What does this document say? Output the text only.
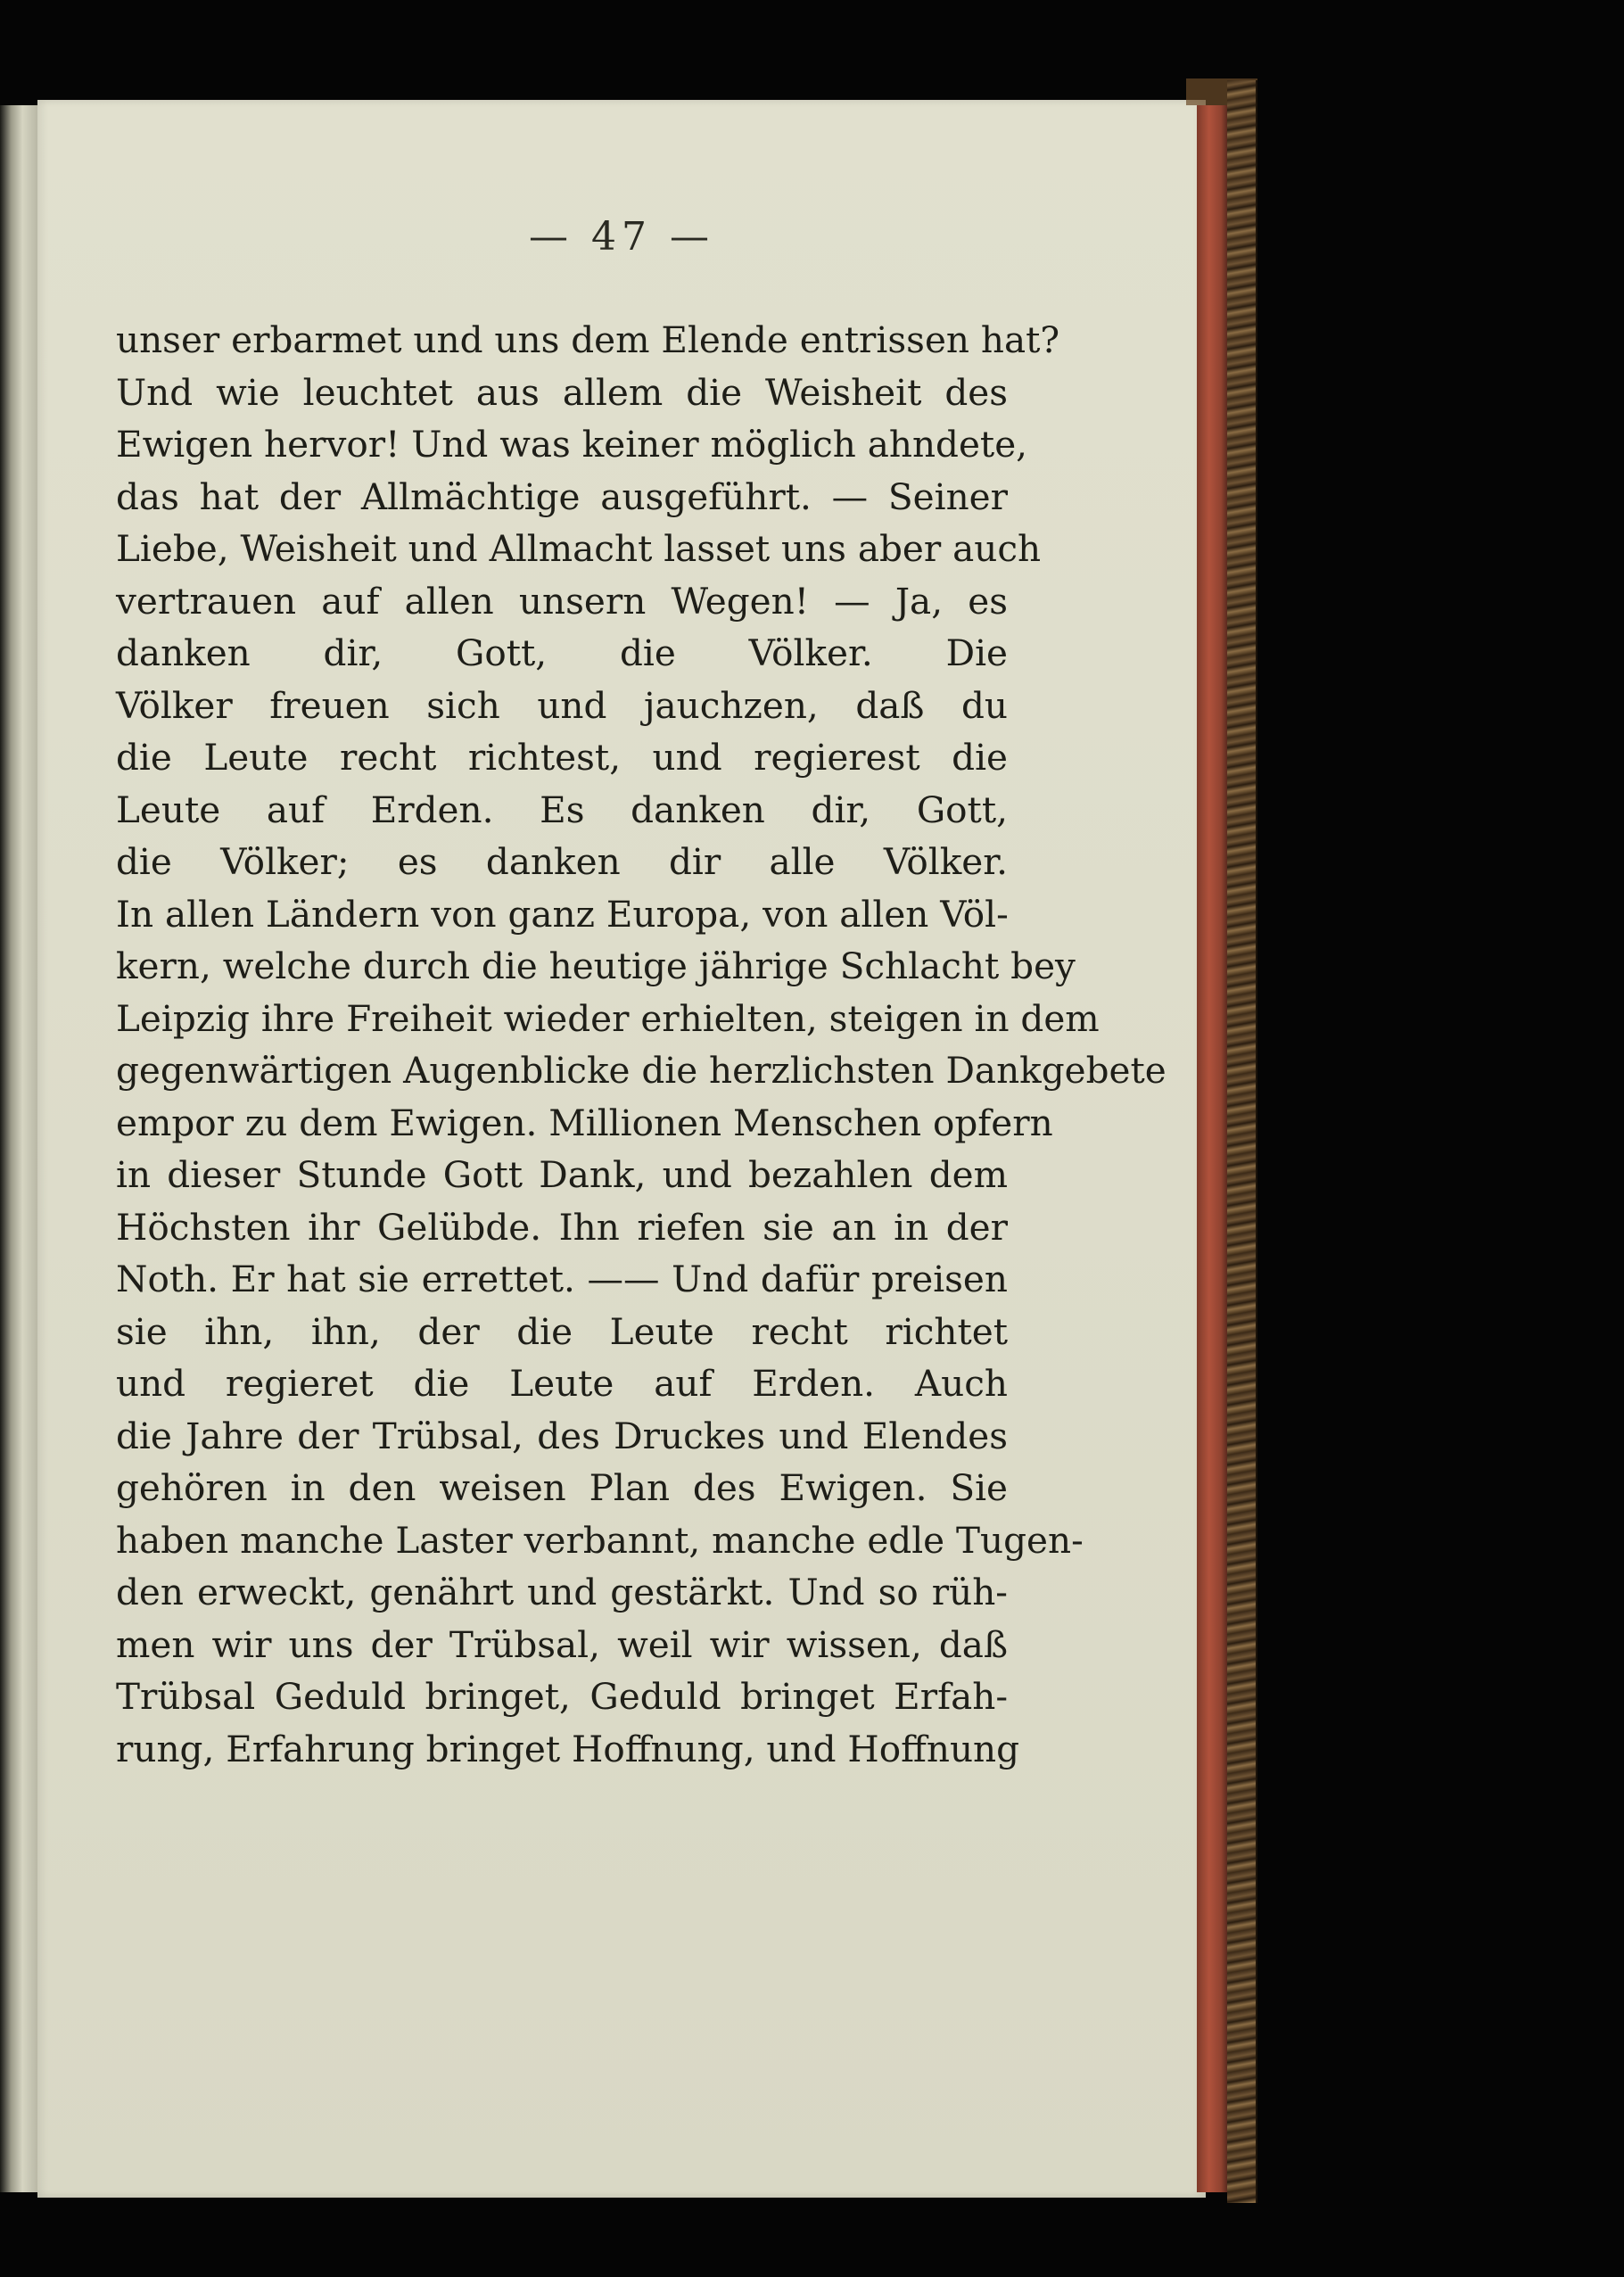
— 47 —
unser erbarmet und uns dem Elende entrissen hat?
Und wie leuchtet aus allem die Weisheit des
Ewigen hervor! Und was keiner möglich ahndete,
das hat der Allmächtige ausgeführt. — Seiner
Liebe, Weisheit und Allmacht lasset uns aber auch
vertrauen auf allen unsern Wegen! — Ja, es
danken dir, Gott, die Völker. Die
Völker freuen sich und jauchzen, daß du
die Leute recht richtest, und regierest die
Leute auf Erden. Es danken dir, Gott,
die Völker; es danken dir alle Völker.
In allen Ländern von ganz Europa, von allen Völ-
kern, welche durch die heutige jährige Schlacht bey
Leipzig ihre Freiheit wieder erhielten, steigen in dem
gegenwärtigen Augenblicke die herzlichsten Dankgebete
empor zu dem Ewigen. Millionen Menschen opfern
in dieser Stunde Gott Dank, und bezahlen dem
Höchsten ihr Gelübde. Ihn riefen sie an in der
Noth. Er hat sie errettet. —— Und dafür preisen
sie ihn, ihn, der die Leute recht richtet
und regieret die Leute auf Erden. Auch
die Jahre der Trübsal, des Druckes und Elendes
gehören in den weisen Plan des Ewigen. Sie
haben manche Laster verbannt, manche edle Tugen-
den erweckt, genährt und gestärkt. Und so rüh-
men wir uns der Trübsal, weil wir wissen, daß
Trübsal Geduld bringet, Geduld bringet Erfah-
rung, Erfahrung bringet Hoffnung, und Hoffnung
